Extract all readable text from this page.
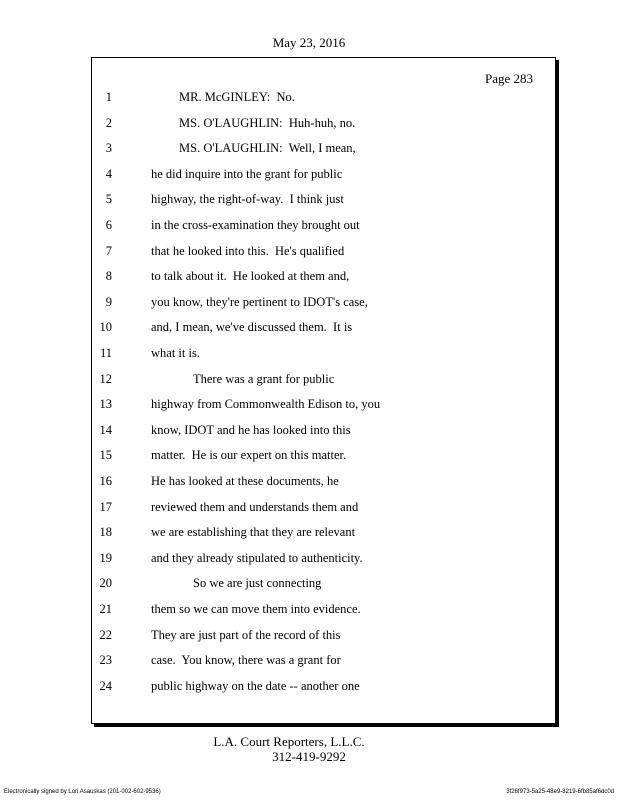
May 23, 2016
Page 283
1	MR. McGINLEY:  No.
2	MS. O'LAUGHLIN:  Huh-huh, no.
3	MS. O'LAUGHLIN:  Well, I mean,
4	he did inquire into the grant for public
5	highway, the right-of-way.  I think just
6	in the cross-examination they brought out
7	that he looked into this.  He's qualified
8	to talk about it.  He looked at them and,
9	you know, they're pertinent to IDOT's case,
10	and, I mean, we've discussed them.  It is
11	what it is.
12	There was a grant for public
13	highway from Commonwealth Edison to, you
14	know, IDOT and he has looked into this
15	matter.  He is our expert on this matter.
16	He has looked at these documents, he
17	reviewed them and understands them and
18	we are establishing that they are relevant
19	and they already stipulated to authenticity.
20	So we are just connecting
21	them so we can move them into evidence.
22	They are just part of the record of this
23	case.  You know, there was a grant for
24	public highway on the date -- another one
L.A. Court Reporters, L.L.C.
312-419-9292
Electronically signed by Lori Asauskas (201-002-602-9536)	3f26f973-5a25-48e9-8219-6fb85af6dc0d
